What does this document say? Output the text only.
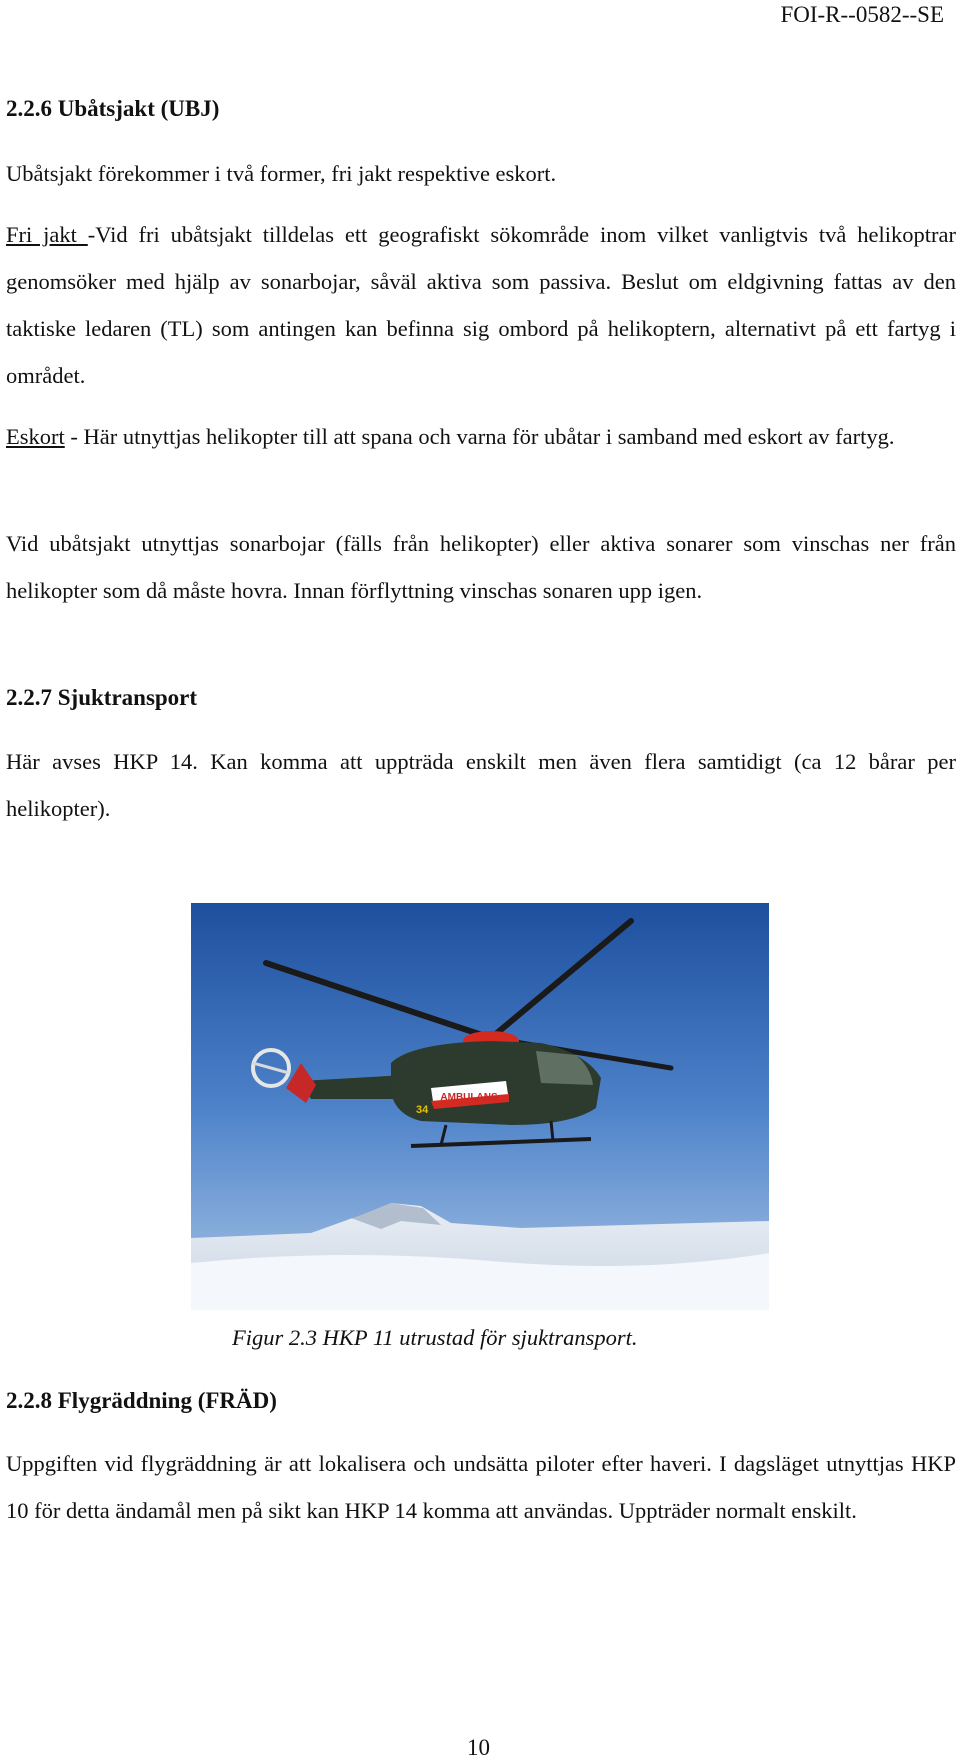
FOI-R--0582--SE
2.2.6 Ubåtsjakt (UBJ)

Ubåtsjakt förekommer i två former, fri jakt respektive eskort.

Fri jakt -Vid fri ubåtsjakt tilldelas ett geografiskt sökområde inom vilket vanligtvis två helikoptrar genomsöker med hjälp av sonarbojar, såväl aktiva som passiva. Beslut om eldgivning fattas av den taktiske ledaren (TL) som antingen kan befinna sig ombord på helikoptern, alternativt på ett fartyg i området.

Eskort - Här utnyttjas helikopter till att spana och varna för ubåtar i samband med eskort av fartyg.

Vid ubåtsjakt utnyttjas sonarbojar (fälls från helikopter) eller aktiva sonarer som vinschas ner från helikopter som då måste hovra. Innan förflyttning vinschas sonaren upp igen.

2.2.7 Sjuktransport

Här avses HKP 14. Kan komma att uppträda enskilt men även flera samtidigt (ca 12 bårar per helikopter).

AMBULANS
34
Figur 2.3 HKP 11 utrustad för sjuktransport.
2.2.8 Flygräddning (FRÄD)

Uppgiften vid flygräddning är att lokalisera och undsätta piloter efter haveri. I dagsläget utnyttjas HKP 10 för detta ändamål men på sikt kan HKP 14 komma att användas. Uppträder normalt enskilt.

10
